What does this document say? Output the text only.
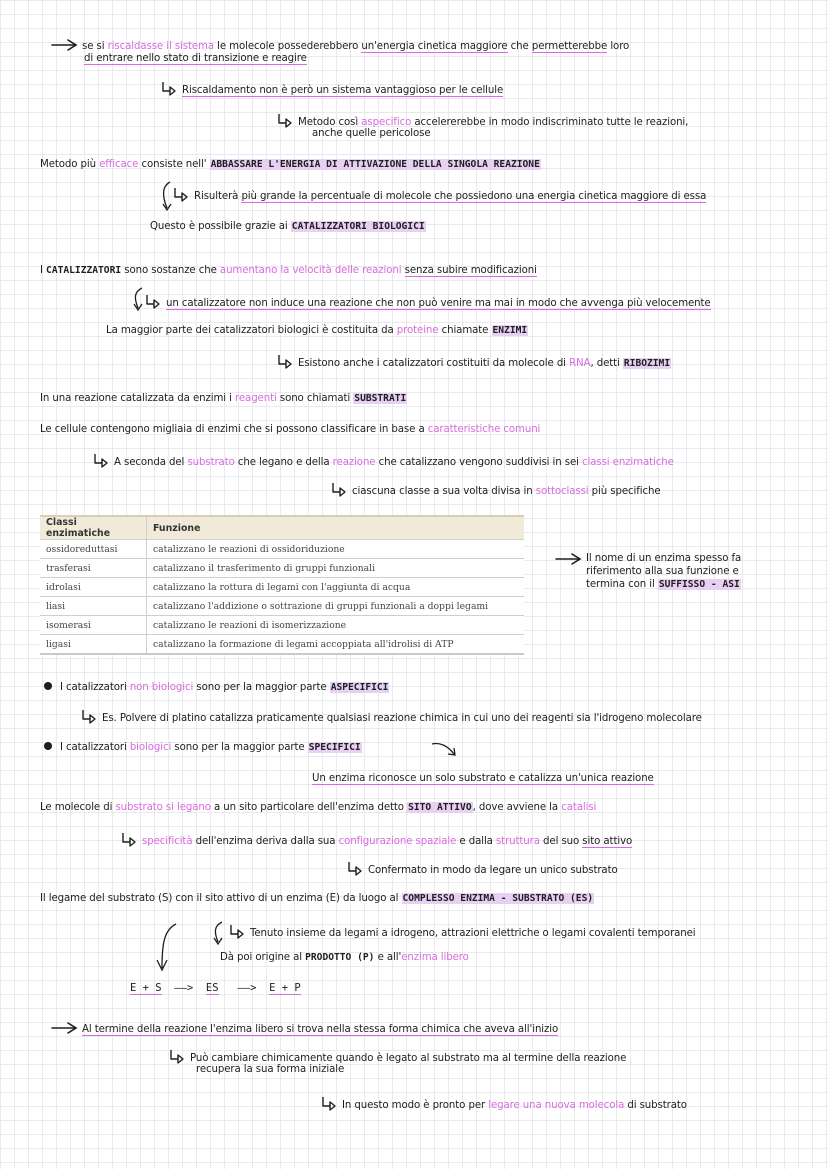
se si riscaldasse il sistema le molecole possederebbero un'energia cinetica maggiore che permetterebbe loro
di entrare nello stato di transizione e reagire
Riscaldamento non è però un sistema vantaggioso per le cellule
Metodo così aspecifico accelererebbe in modo indiscriminato tutte le reazioni,
anche quelle pericolose
Metodo più efficace consiste nell' ABBASSARE L'ENERGIA DI ATTIVAZIONE DELLA SINGOLA REAZIONE
Risulterà più grande la percentuale di molecole che possiedono una energia cinetica maggiore di essa
Questo è possibile grazie ai CATALIZZATORI BIOLOGICI
I CATALIZZATORI sono sostanze che aumentano la velocità delle reazioni senza subire modificazioni
un catalizzatore non induce una reazione che non può venire ma mai in modo che avvenga più velocemente
La maggior parte dei catalizzatori biologici è costituita da proteine chiamate ENZIMI
Esistono anche i catalizzatori costituiti da molecole di RNA, detti RIBOZIMI
In una reazione catalizzata da enzimi i reagenti sono chiamati SUBSTRATI
Le cellule contengono migliaia di enzimi che si possono classificare in base a caratteristiche comuni
A seconda del substrato che legano e della reazione che catalizzano vengono suddivisi in sei classi enzimatiche
ciascuna classe a sua volta divisa in sottoclassi più specifiche
Classi enzimatiche	Funzione
ossidoreduttasi	catalizzano le reazioni di ossidoriduzione
trasferasi	catalizzano il trasferimento di gruppi funzionali
idrolasi	catalizzano la rottura di legami con l'aggiunta di acqua
liasi	catalizzano l'addizione o sottrazione di gruppi funzionali a doppi legami
isomerasi	catalizzano le reazioni di isomerizzazione
ligasi	catalizzano la formazione di legami accoppiata all'idrolisi di ATP
Il nome di un enzima spesso fa
riferimento alla sua funzione e
termina con il SUFFISSO - ASI
I catalizzatori non biologici sono per la maggior parte ASPECIFICI
Es. Polvere di platino catalizza praticamente qualsiasi reazione chimica in cui uno dei reagenti sia l'idrogeno molecolare
I catalizzatori biologici sono per la maggior parte SPECIFICI
Un enzima riconosce un solo substrato e catalizza un'unica reazione
Le molecole di substrato si legano a un sito particolare dell'enzima detto SITO ATTIVO, dove avviene la catalisi
specificità dell'enzima deriva dalla sua configurazione spaziale e dalla struttura del suo sito attivo
Confermato in modo da legare un unico substrato
Il legame del substrato (S) con il sito attivo di un enzima (E) da luogo al COMPLESSO ENZIMA - SUBSTRATO (ES)
Tenuto insieme da legami a idrogeno, attrazioni elettriche o legami covalenti temporanei
Dà poi origine al PRODOTTO (P) e all'enzima libero
E + S ——> ES ——> E + P
Al termine della reazione l'enzima libero si trova nella stessa forma chimica che aveva all'inizio
Può cambiare chimicamente quando è legato al substrato ma al termine della reazione
recupera la sua forma iniziale
In questo modo è pronto per legare una nuova molecola di substrato
